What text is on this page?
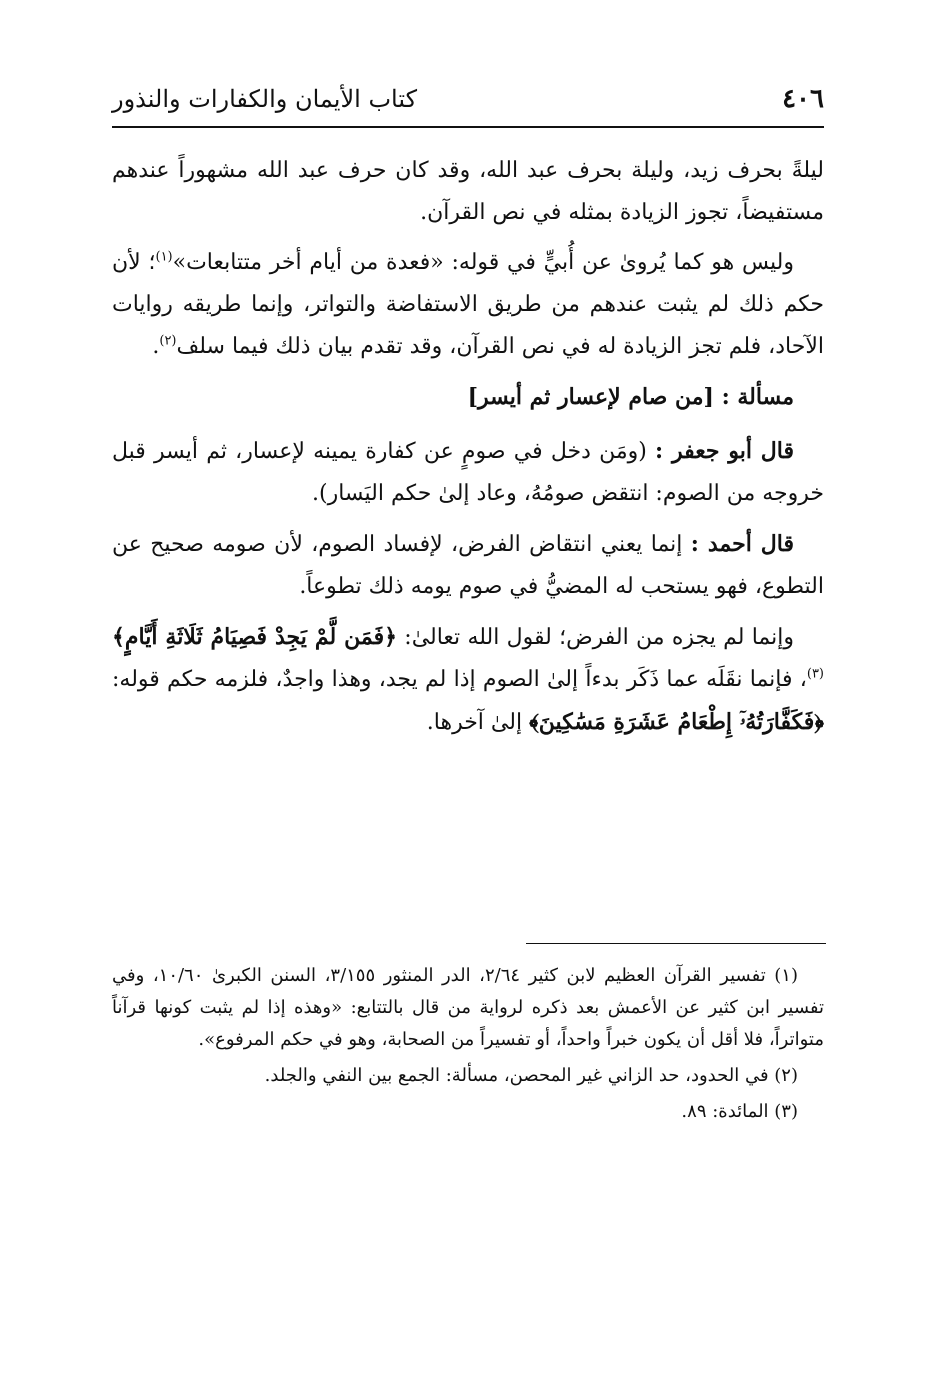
٤٠٦
كتاب الأيمان والكفارات والنذور

ليلةً بحرف زيد، وليلة بحرف عبد الله، وقد كان حرف عبد الله مشهوراً عندهم مستفيضاً، تجوز الزيادة بمثله في نص القرآن.

وليس هو كما يُروىٰ عن أُبيٍّ في قوله: «فعدة من أيام أخر متتابعات»$^{(١)}$؛ لأن حكم ذلك لم يثبت عندهم من طريق الاستفاضة والتواتر، وإنما طريقه روايات الآحاد، فلم تجز الزيادة له في نص القرآن، وقد تقدم بيان ذلك فيما سلف$^{(٢)}$.

مسألة : [من صام لإعسار ثم أيسر]

قال أبو جعفر : (ومَن دخل في صومٍ عن كفارة يمينه لإعسار، ثم أيسر قبل خروجه من الصوم: انتقض صومُهُ، وعاد إلىٰ حكم اليَسار).

قال أحمد : إنما يعني انتقاض الفرض، لإفساد الصوم، لأن صومه صحيح عن التطوع، فهو يستحب له المضيُّ في صوم يومه ذلك تطوعاً.

وإنما لم يجزه من الفرض؛ لقول الله تعالىٰ: ﴿فَمَن لَّمْ يَجِدْ فَصِيَامُ ثَلَاثَةِ أَيَّامٍ﴾$^{(٣)}$، فإنما نقَلَه عما ذَكَر بدءاً إلىٰ الصوم إذا لم يجد، وهذا واجدٌ، فلزمه حكم قوله: ﴿فَكَفَّارَتُهُۥٓ إِطْعَامُ عَشَرَةِ مَسَٰكِينَ﴾ إلىٰ آخرها.

(١) تفسير القرآن العظيم لابن كثير ٢/٦٤، الدر المنثور ٣/١٥٥، السنن الكبرىٰ ١٠/٦٠، وفي تفسير ابن كثير عن الأعمش بعد ذكره لرواية من قال بالتتابع: «وهذه إذا لم يثبت كونها قرآناً متواتراً، فلا أقل أن يكون خبراً واحداً، أو تفسيراً من الصحابة، وهو في حكم المرفوع».

(٢) في الحدود، حد الزاني غير المحصن، مسألة: الجمع بين النفي والجلد.

(٣) المائدة: ٨٩.
